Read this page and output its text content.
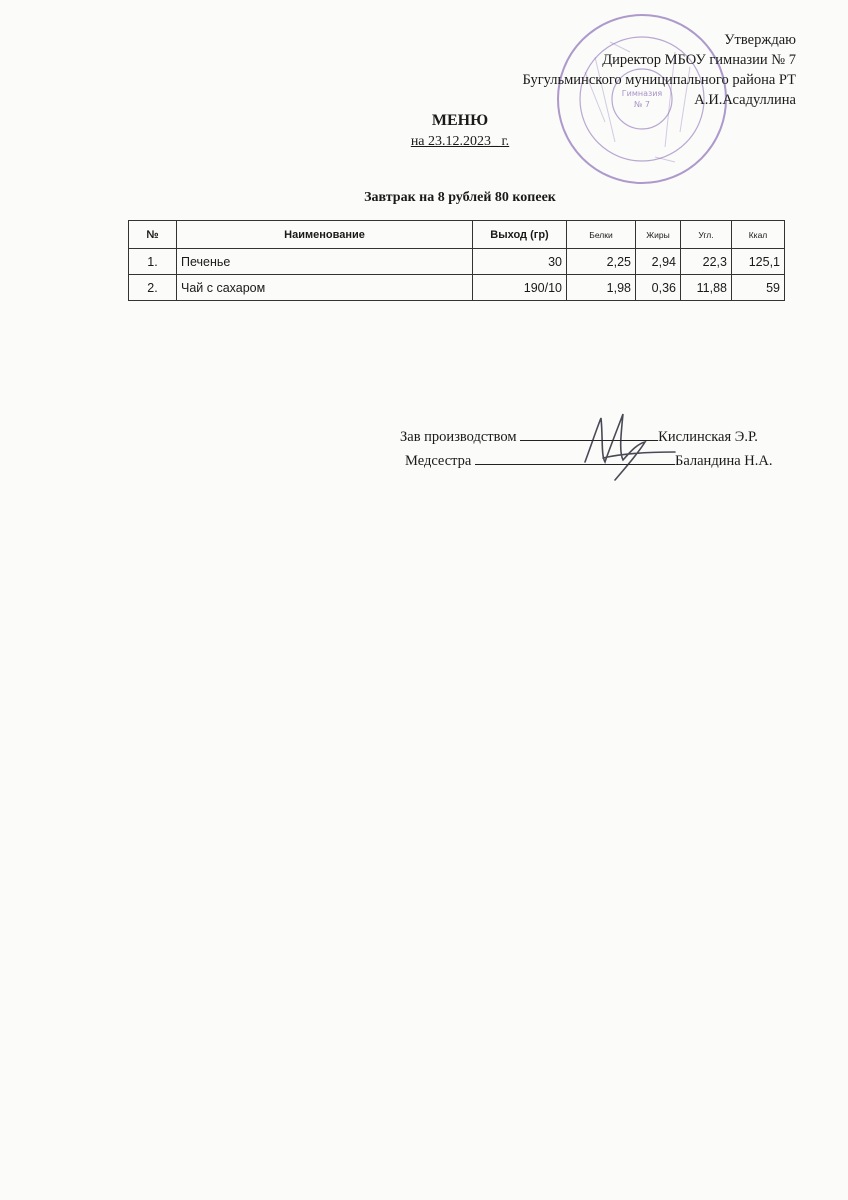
Гимназия
№ 7
Утверждаю
Директор МБОУ гимназии № 7
Бугульминского муниципального района РТ
А.И.Асадуллина
МЕНЮ
на 23.12.2023_ г.
Завтрак на 8 рублей 80 копеек
№	Наименование	Выход (гр)	Белки	Жиры	Угл.	Ккал
1.	Печенье	30	2,25	2,94	22,3	125,1
2.	Чай с сахаром	190/10	1,98	0,36	11,88	59
Зав производством	Кислинская Э.Р.
Медсестра	Баландина Н.А.
